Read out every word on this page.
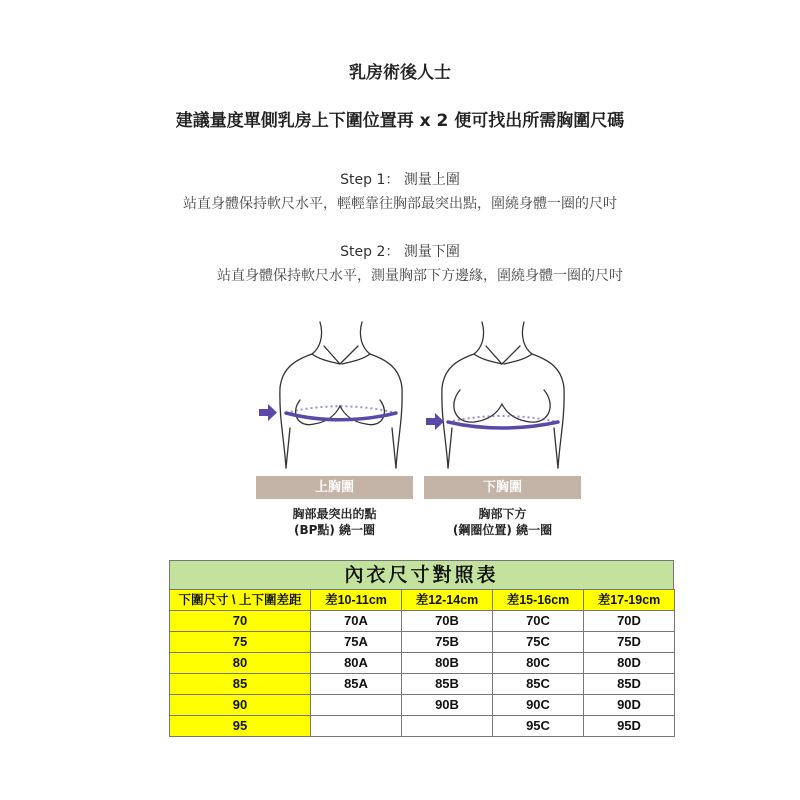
乳房術後人士
建議量度單側乳房上下圍位置再 x 2 便可找出所需胸圍尺碼
Step 1： 測量上圍
站直身體保持軟尺水平，輕輕靠往胸部最突出點，圍繞身體一圈的尺吋
Step 2： 測量下圍
站直身體保持軟尺水平，測量胸部下方邊緣，圍繞身體一圈的尺吋
上胸圍	下胸圍
胸部最突出的點
(BP點) 繞一圈
胸部下方
(鋼圈位置) 繞一圈
內衣尺寸對照表
下圍尺寸 \ 上下圍差距	差10-11cm	差12-14cm	差15-16cm	差17-19cm
70	70A	70B	70C	70D
75	75A	75B	75C	75D
80	80A	80B	80C	80D
85	85A	85B	85C	85D
90		90B	90C	90D
95			95C	95D
